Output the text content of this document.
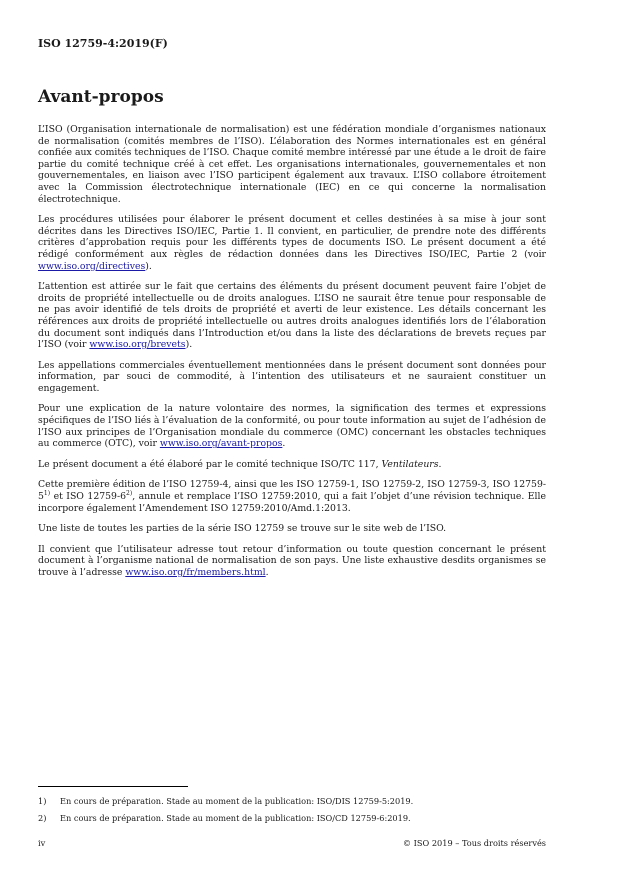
ISO 12759-4:2019(F)
Avant-propos

L’ISO (Organisation internationale de normalisation) est une fédération mondiale d’organismes nationaux de normalisation (comités membres de l’ISO). L’élaboration des Normes internationales est en général confiée aux comités techniques de l’ISO. Chaque comité membre intéressé par une étude a le droit de faire partie du comité technique créé à cet effet. Les organisations internationales, gouvernementales et non gouvernementales, en liaison avec l’ISO participent également aux travaux. L’ISO collabore étroitement avec la Commission électrotechnique internationale (IEC) en ce qui concerne la normalisation électrotechnique.

Les procédures utilisées pour élaborer le présent document et celles destinées à sa mise à jour sont décrites dans les Directives ISO/IEC, Partie 1. Il convient, en particulier, de prendre note des différents critères d’approbation requis pour les différents types de documents ISO. Le présent document a été rédigé conformément aux règles de rédaction données dans les Directives ISO/IEC, Partie 2 (voir www.iso.org/directives).

L’attention est attirée sur le fait que certains des éléments du présent document peuvent faire l’objet de droits de propriété intellectuelle ou de droits analogues. L’ISO ne saurait être tenue pour responsable de ne pas avoir identifié de tels droits de propriété et averti de leur existence. Les détails concernant les références aux droits de propriété intellectuelle ou autres droits analogues identifiés lors de l’élaboration du document sont indiqués dans l’Introduction et/ou dans la liste des déclarations de brevets reçues par l’ISO (voir www.iso.org/brevets).

Les appellations commerciales éventuellement mentionnées dans le présent document sont données pour information, par souci de commodité, à l’intention des utilisateurs et ne sauraient constituer un engagement.

Pour une explication de la nature volontaire des normes, la signification des termes et expressions spécifiques de l’ISO liés à l’évaluation de la conformité, ou pour toute information au sujet de l’adhésion de l’ISO aux principes de l’Organisation mondiale du commerce (OMC) concernant les obstacles techniques au commerce (OTC), voir www.iso.org/avant-propos.

Le présent document a été élaboré par le comité technique ISO/TC 117, Ventilateurs.

Cette première édition de l’ISO 12759-4, ainsi que les ISO 12759-1, ISO 12759-2, ISO 12759-3, ISO 12759-5$^{1)}$ et ISO 12759-6$^{2)}$, annule et remplace l’ISO 12759:2010, qui a fait l’objet d’une révision technique. Elle incorpore également l’Amendement ISO 12759:2010/Amd.1:2013.

Une liste de toutes les parties de la série ISO 12759 se trouve sur le site web de l’ISO.

Il convient que l’utilisateur adresse tout retour d’information ou toute question concernant le présent document à l’organisme national de normalisation de son pays. Une liste exhaustive desdits organismes se trouve à l’adresse www.iso.org/fr/members.html.

1)	En cours de préparation. Stade au moment de la publication: ISO/DIS 12759-5:2019.
2)	En cours de préparation. Stade au moment de la publication: ISO/CD 12759-6:2019.
iv	© ISO 2019 – Tous droits réservés
